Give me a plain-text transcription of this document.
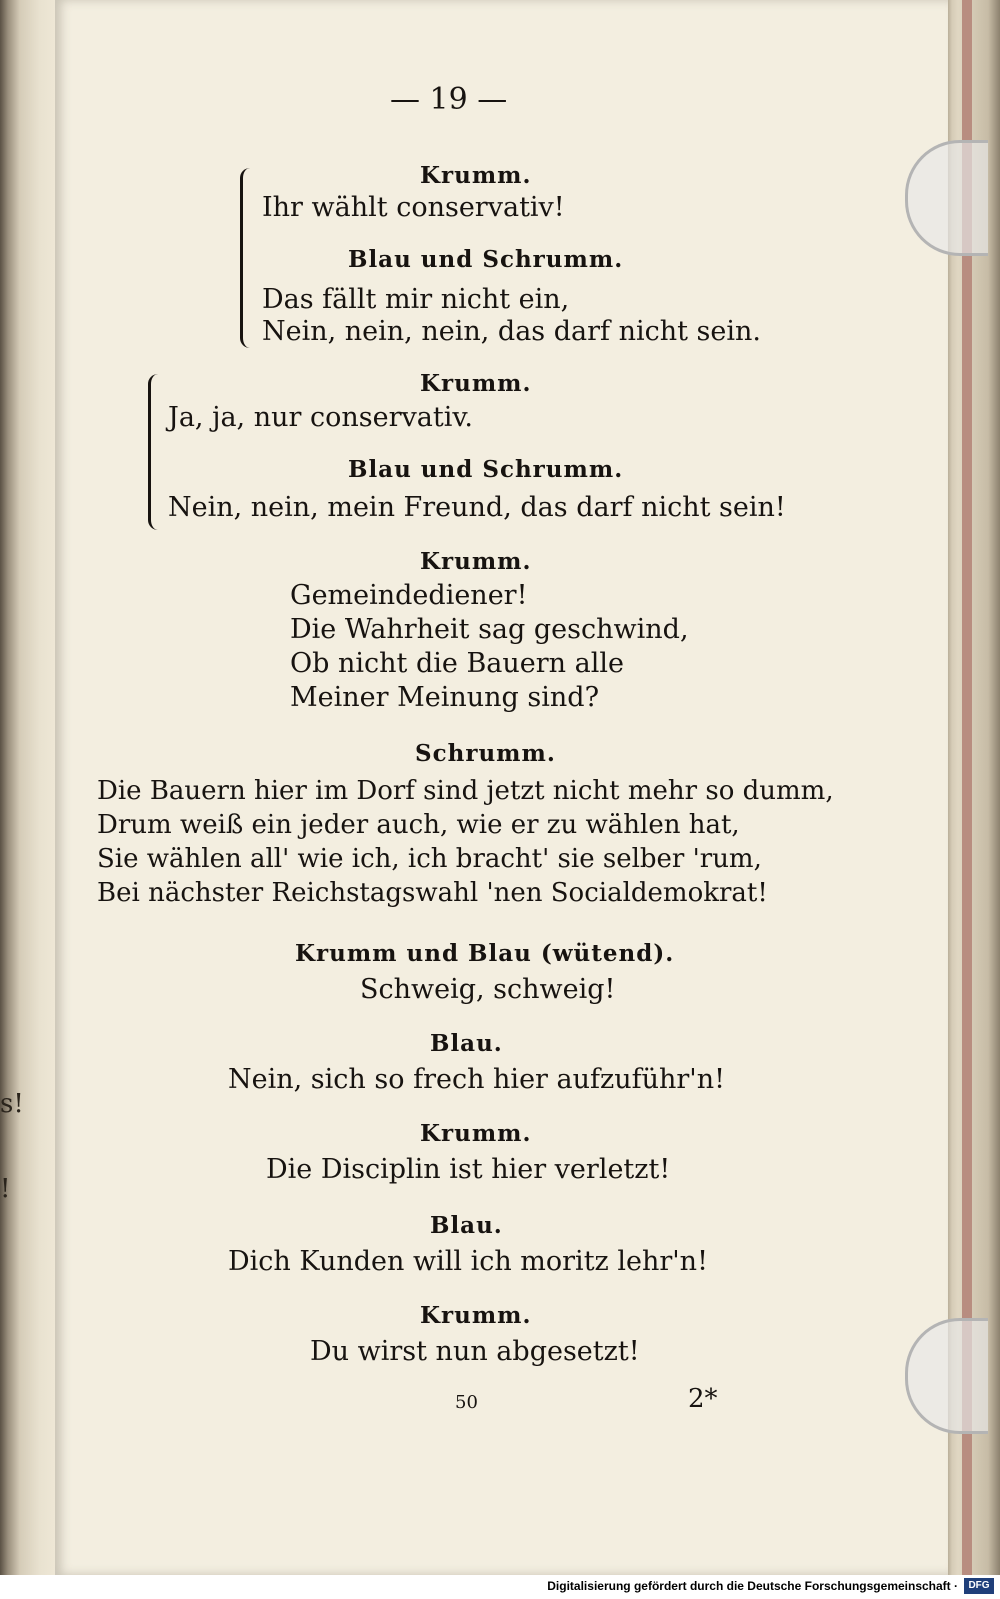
s!
!
— 19 —
Krumm.
Ihr wählt conservativ!
Blau und Schrumm.
Das fällt mir nicht ein,
Nein, nein, nein, das darf nicht sein.
Krumm.
Ja, ja, nur conservativ.
Blau und Schrumm.
Nein, nein, mein Freund, das darf nicht sein!
Krumm.
Gemeindediener!
Die Wahrheit sag geschwind,
Ob nicht die Bauern alle
Meiner Meinung sind?
Schrumm.
Die Bauern hier im Dorf sind jetzt nicht mehr so dumm,
Drum weiß ein jeder auch, wie er zu wählen hat,
Sie wählen all' wie ich, ich bracht' sie selber 'rum,
Bei nächster Reichstagswahl 'nen Socialdemokrat!
Krumm und Blau (wütend).
Schweig, schweig!
Blau.
Nein, sich so frech hier aufzuführ'n!
Krumm.
Die Disciplin ist hier verletzt!
Blau.
Dich Kunden will ich moritz lehr'n!
Krumm.
Du wirst nun abgesetzt!
50	2*
Digitalisierung gefördert durch die Deutsche Forschungsgemeinschaft ·	DFG
